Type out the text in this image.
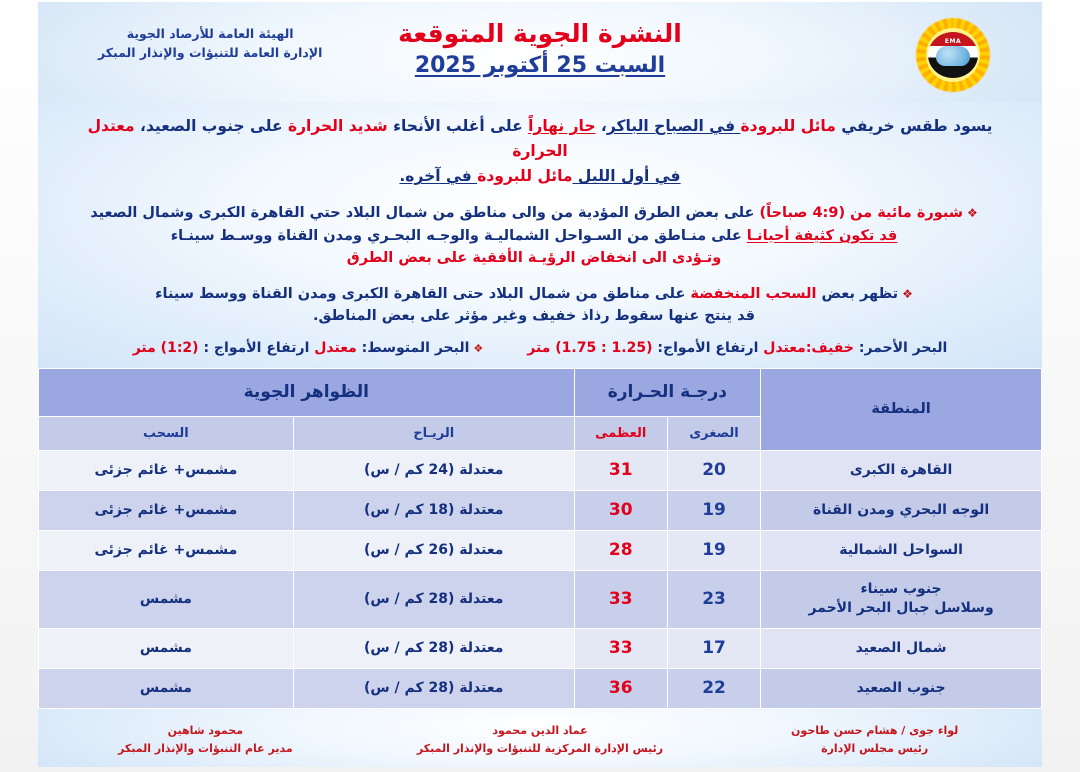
EMA
النشرة الجوية المتوقعة
السبت 25 أكتوبر 2025
الهيئة العامة للأرصاد الجوية
الإدارة العامة للتنبؤات والإنذار المبكر
يسود طقس خريفي مائل للبرودة في الصباح الباكر، حار نهاراً على أغلب الأنحاء شديد الحرارة على جنوب الصعيد، معتدل الحرارة
في أول الليل مائل للبرودة في آخره.
❖شبورة مائية من (4:9 صباحاً) على بعض الطرق المؤدية من والى مناطق من شمال البلاد حتي القاهرة الكبرى وشمال الصعيد
قد تكون كثيفة أحيانـا على منـاطق من السـواحل الشماليـة والوجـه البحـري ومدن القناة ووسـط سينـاء
وتـؤدى الى انخفاض الرؤيـة الأفقية على بعض الطرق
❖تظهر بعض السحب المنخفضة على مناطق من شمال البلاد حتى القاهرة الكبرى ومدن القناة ووسط سيناء
قد ينتج عنها سقوط رذاذ خفيف وغير مؤثر على بعض المناطق.
البحر الأحمر: خفيف:معتدل ارتفاع الأمواج: (1.25 : 1.75) متر
❖البحر المتوسط: معتدل ارتفاع الأمواج : (1:2) متر
المنطقة	درجـة الحـرارة		الظواهر الجوية	
	الصغرى	العظمى	الريـاح	السحب
القاهرة الكبرى	20	31	معتدلة (24 كم / س)	مشمس+ غائم جزئى
الوجه البحري ومدن القناة	19	30	معتدلة (18 كم / س)	مشمس+ غائم جزئى
السواحل الشمالية	19	28	معتدلة (26 كم / س)	مشمس+ غائم جزئى
جنوب سيناء
وسلاسل جبال البحر الأحمر	23	33	معتدلة (28 كم / س)	مشمس
شمال الصعيد	17	33	معتدلة (28 كم / س)	مشمس
جنوب الصعيد	22	36	معتدلة (28 كم / س)	مشمس
لواء جوى / هشام حسن طاحون
رئيس مجلس الإدارة
عماد الدين محمود
رئيس الإدارة المركزية للتنبؤات والإنذار المبكر
محمود شاهين
مدير عام التنبؤات والإنذار المبكر
